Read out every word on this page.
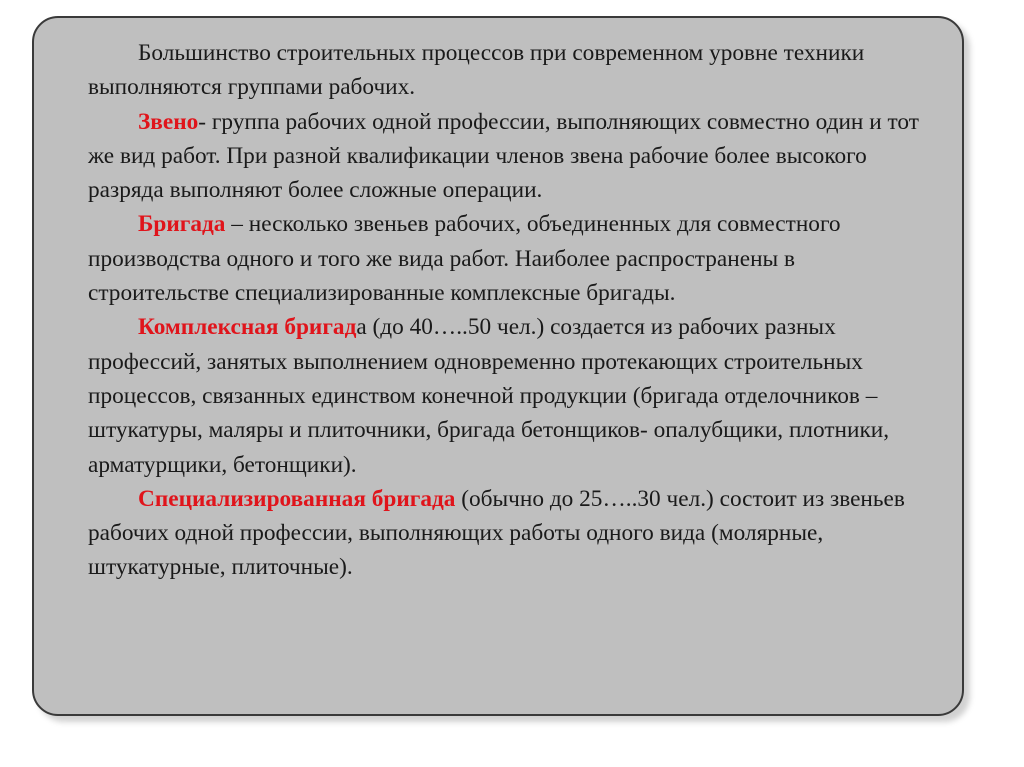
Большинство строительных процессов при современном уровне техники выполняются группами рабочих.

Звено- группа рабочих одной профессии, выполняющих совместно один и тот же вид работ. При разной квалификации членов звена рабочие более высокого разряда выполняют более сложные операции.

Бригада – несколько звеньев рабочих, объединенных для совместного производства одного и того же вида работ. Наиболее распространены в строительстве специализированные комплексные бригады.

Комплексная бригада (до 40…..50 чел.) создается из рабочих разных профессий, занятых выполнением одновременно протекающих строительных процессов, связанных единством конечной продукции (бригада отделочников – штукатуры, маляры и плиточники, бригада бетонщиков- опалубщики, плотники, арматурщики, бетонщики).

Специализированная бригада (обычно до 25…..30 чел.) состоит из звеньев рабочих одной профессии, выполняющих работы одного вида (молярные, штукатурные, плиточные).
